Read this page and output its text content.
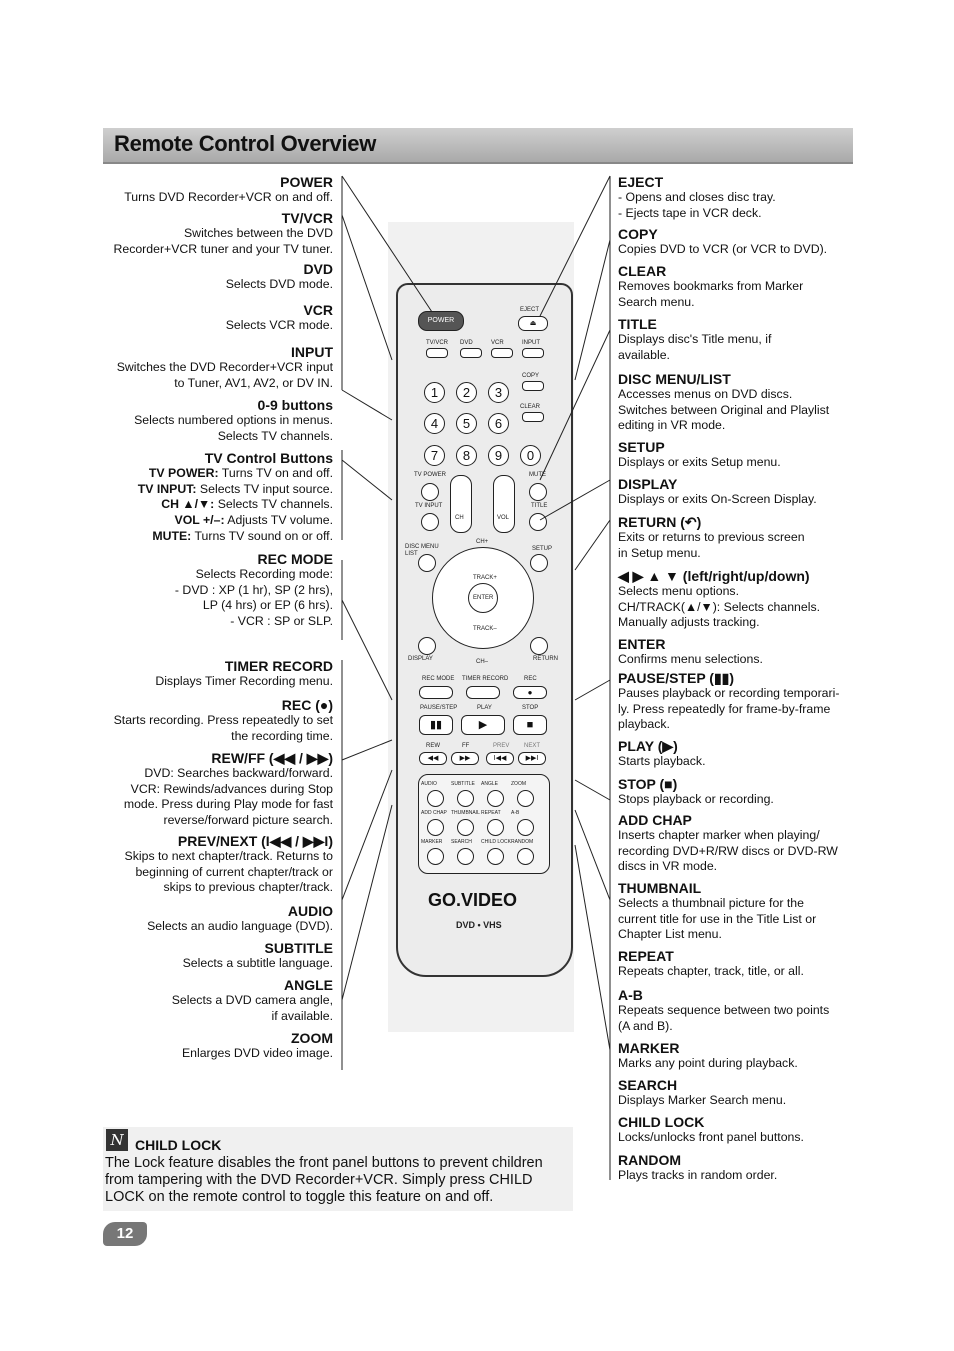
Remote Control Overview
POWER
Turns DVD Recorder+VCR on and off.
TV/VCR
Switches between the DVD
Recorder+VCR tuner and your TV tuner.
DVD
Selects DVD mode.
VCR
Selects VCR mode.
INPUT
Switches the DVD Recorder+VCR input
to Tuner, AV1, AV2, or DV IN.
0-9 buttons
Selects numbered options in menus.
Selects TV channels.
TV Control Buttons
TV POWER: Turns TV on and off.
TV INPUT: Selects TV input source.
CH ▲/▼: Selects TV channels.
VOL +/–: Adjusts TV volume.
MUTE: Turns TV sound on or off.
REC MODE
Selects Recording mode:
- DVD : XP (1 hr), SP (2 hrs),
LP (4 hrs) or EP (6 hrs).
- VCR : SP or SLP.
TIMER RECORD
Displays Timer Recording menu.
REC (●)
Starts recording. Press repeatedly to set
the recording time.
REW/FF (◀◀ / ▶▶)
DVD: Searches backward/forward.
VCR: Rewinds/advances during Stop
mode. Press during Play mode for fast
reverse/forward picture search.
PREV/NEXT (I◀◀ / ▶▶I)
Skips to next chapter/track. Returns to
beginning of current chapter/track or
skips to previous chapter/track.
AUDIO
Selects an audio language (DVD).
SUBTITLE
Selects a subtitle language.
ANGLE
Selects a DVD camera angle,
if available.
ZOOM
Enlarges DVD video image.
EJECT
- Opens and closes disc tray.
- Ejects tape in VCR deck.
COPY
Copies DVD to VCR (or VCR to DVD).
CLEAR
Removes bookmarks from Marker
Search menu.
TITLE
Displays disc's Title menu, if
available.
DISC MENU/LIST
Accesses menus on DVD discs.
Switches between Original and Playlist
editing in VR mode.
SETUP
Displays or exits Setup menu.
DISPLAY
Displays or exits On-Screen Display.
RETURN (↶)
Exits or returns to previous screen
in Setup menu.
◀ ▶ ▲ ▼ (left/right/up/down)
Selects menu options.
CH/TRACK(▲/▼): Selects channels.
Manually adjusts tracking.
ENTER
Confirms menu selections.
PAUSE/STEP (▮▮)
Pauses playback or recording temporari-
ly. Press repeatedly for frame-by-frame
playback.
PLAY (▶)
Starts playback.
STOP (■)
Stops playback or recording.
ADD CHAP
Inserts chapter marker when playing/
recording DVD+R/RW discs or DVD-RW
discs in VR mode.
THUMBNAIL
Selects a thumbnail picture for the
current title for use in the Title List or
Chapter List menu.
REPEAT
Repeats chapter, track, title, or all.
A-B
Repeats sequence between two points
(A and B).
MARKER
Marks any point during playback.
SEARCH
Displays Marker Search menu.
CHILD LOCK
Locks/unlocks front panel buttons.
RANDOM
Plays tracks in random order.
POWER
EJECT
⏏
TV/VCR DVD	VCR	INPUT
COPY
CLEAR
TV POWER	MUTE
TV INPUT	TITLE
CH	VOL
DISC MENU
LIST
SETUP
CH+
TRACK+
ENTER
TRACK–
CH–
DISPLAY	RETURN
REC MODE TIMER RECORD	REC
●
PAUSE/STEP	PLAY	STOP
▮▮	▶	■
REW	FF	PREV NEXT
◀◀	▶▶	I◀◀	▶▶I
GO.VIDEO
DVD • VHS
1	2	3
4	5	6
7	8	9	0
AUDIO	SUBTITLE ANGLE	ZOOM
ADD CHAP THUMBNAIL REPEAT A-B
MARKER SEARCH CHILD LOCK RANDOM
N CHILD LOCK
The Lock feature disables the front panel buttons to prevent children from tampering with the DVD Recorder+VCR. Simply press CHILD LOCK on the remote control to toggle this feature on and off.
12
